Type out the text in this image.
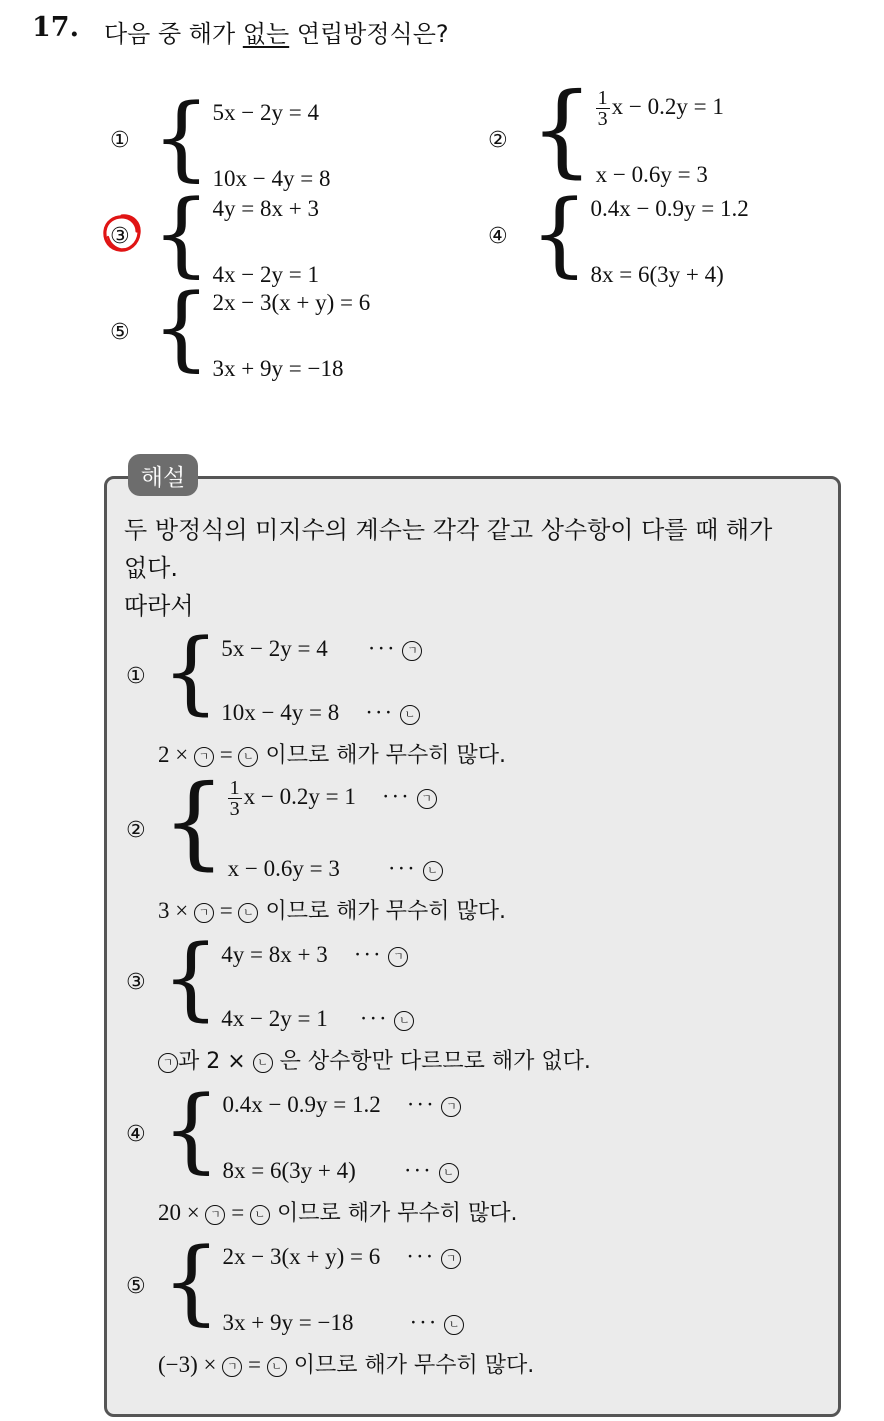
17. 다음 중 해가 없는 연립방정식은?
① { 5x − 2y = 4
10x − 4y = 8
② { $\frac{1}{3}$ x − 0.2y = 1
x − 0.6y = 3
③ { 4y = 8x + 3
4x − 2y = 1
④ { 0.4x − 0.9y = 1.2
8x = 6(3y + 4)
⑤ { 2x − 3(x + y) = 6
3x + 9y = −18
해설
두 방정식의 미지수의 계수는 각각 같고 상수항이 다를 때 해가
없다.
따라서
① { 5x − 2y = 4 ··· ㄱ
10x − 4y = 8 ··· ㄴ
2 × ㄱ = ㄴ 이므로 해가 무수히 많다.
② { $\frac{1}{3}$ x − 0.2y = 1 ··· ㄱ
x − 0.6y = 3 ··· ㄴ
3 × ㄱ = ㄴ 이므로 해가 무수히 많다.
③ { 4y = 8x + 3 ··· ㄱ
4x − 2y = 1 ··· ㄴ
ㄱ 과 2 × ㄴ 은 상수항만 다르므로 해가 없다.
④ { 0.4x − 0.9y = 1.2 ··· ㄱ
8x = 6(3y + 4) ··· ㄴ
20 × ㄱ = ㄴ 이므로 해가 무수히 많다.
⑤ { 2x − 3(x + y) = 6 ··· ㄱ
3x + 9y = −18 ··· ㄴ
(−3) × ㄱ = ㄴ 이므로 해가 무수히 많다.
